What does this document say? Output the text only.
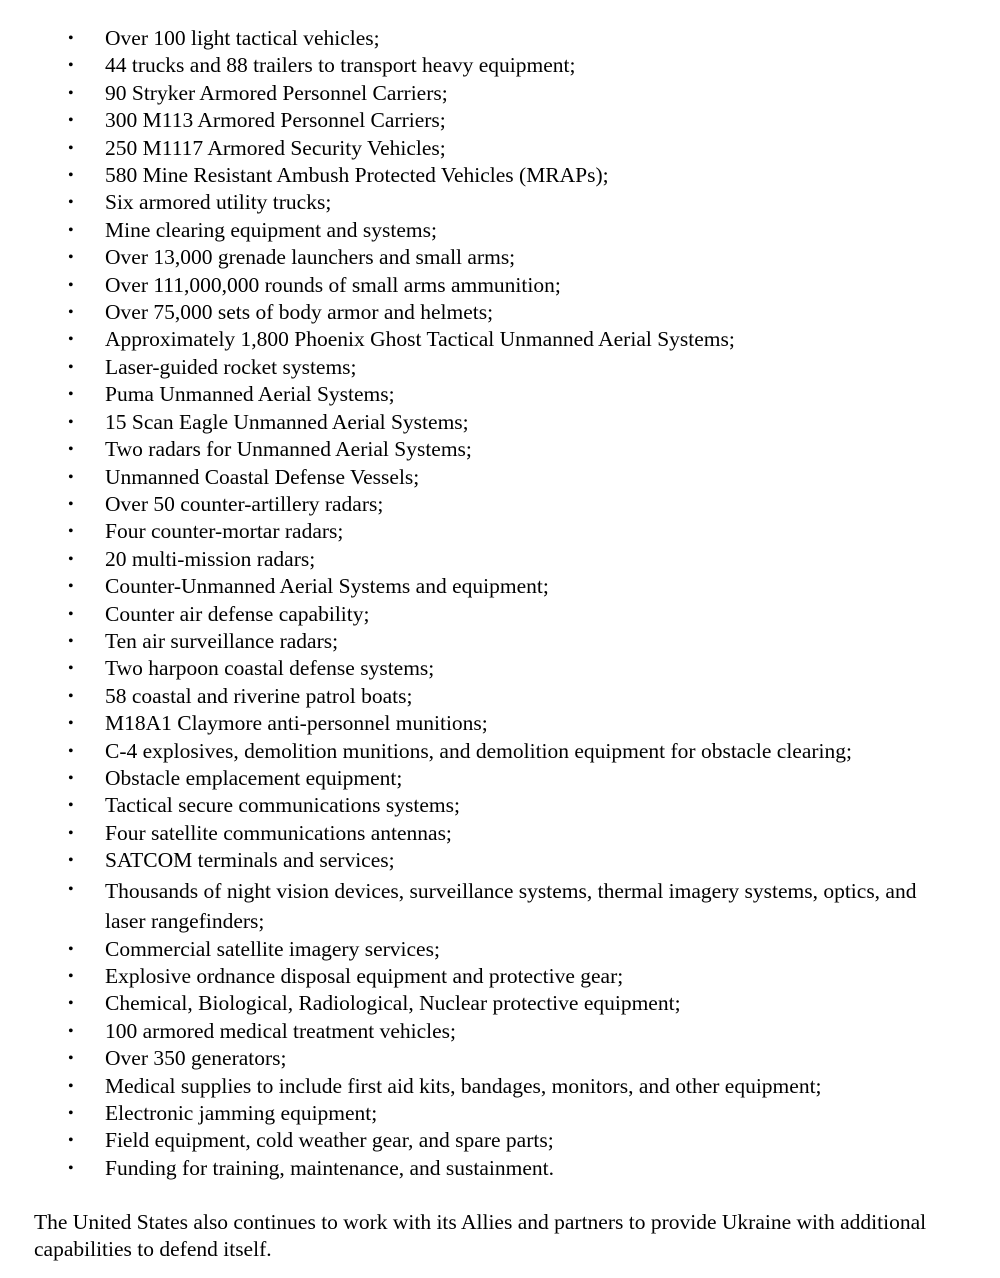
• Over 100 light tactical vehicles;
• 44 trucks and 88 trailers to transport heavy equipment;
• 90 Stryker Armored Personnel Carriers;
• 300 M113 Armored Personnel Carriers;
• 250 M1117 Armored Security Vehicles;
• 580 Mine Resistant Ambush Protected Vehicles (MRAPs);
• Six armored utility trucks;
• Mine clearing equipment and systems;
• Over 13,000 grenade launchers and small arms;
• Over 111,000,000 rounds of small arms ammunition;
• Over 75,000 sets of body armor and helmets;
• Approximately 1,800 Phoenix Ghost Tactical Unmanned Aerial Systems;
• Laser-guided rocket systems;
• Puma Unmanned Aerial Systems;
• 15 Scan Eagle Unmanned Aerial Systems;
• Two radars for Unmanned Aerial Systems;
• Unmanned Coastal Defense Vessels;
• Over 50 counter-artillery radars;
• Four counter-mortar radars;
• 20 multi-mission radars;
• Counter-Unmanned Aerial Systems and equipment;
• Counter air defense capability;
• Ten air surveillance radars;
• Two harpoon coastal defense systems;
• 58 coastal and riverine patrol boats;
• M18A1 Claymore anti-personnel munitions;
• C-4 explosives, demolition munitions, and demolition equipment for obstacle clearing;
• Obstacle emplacement equipment;
• Tactical secure communications systems;
• Four satellite communications antennas;
• SATCOM terminals and services;
• Thousands of night vision devices, surveillance systems, thermal imagery systems, optics, and laser rangefinders;
• Commercial satellite imagery services;
• Explosive ordnance disposal equipment and protective gear;
• Chemical, Biological, Radiological, Nuclear protective equipment;
• 100 armored medical treatment vehicles;
• Over 350 generators;
• Medical supplies to include first aid kits, bandages, monitors, and other equipment;
• Electronic jamming equipment;
• Field equipment, cold weather gear, and spare parts;
• Funding for training, maintenance, and sustainment.

The United States also continues to work with its Allies and partners to provide Ukraine with additional capabilities to defend itself.
